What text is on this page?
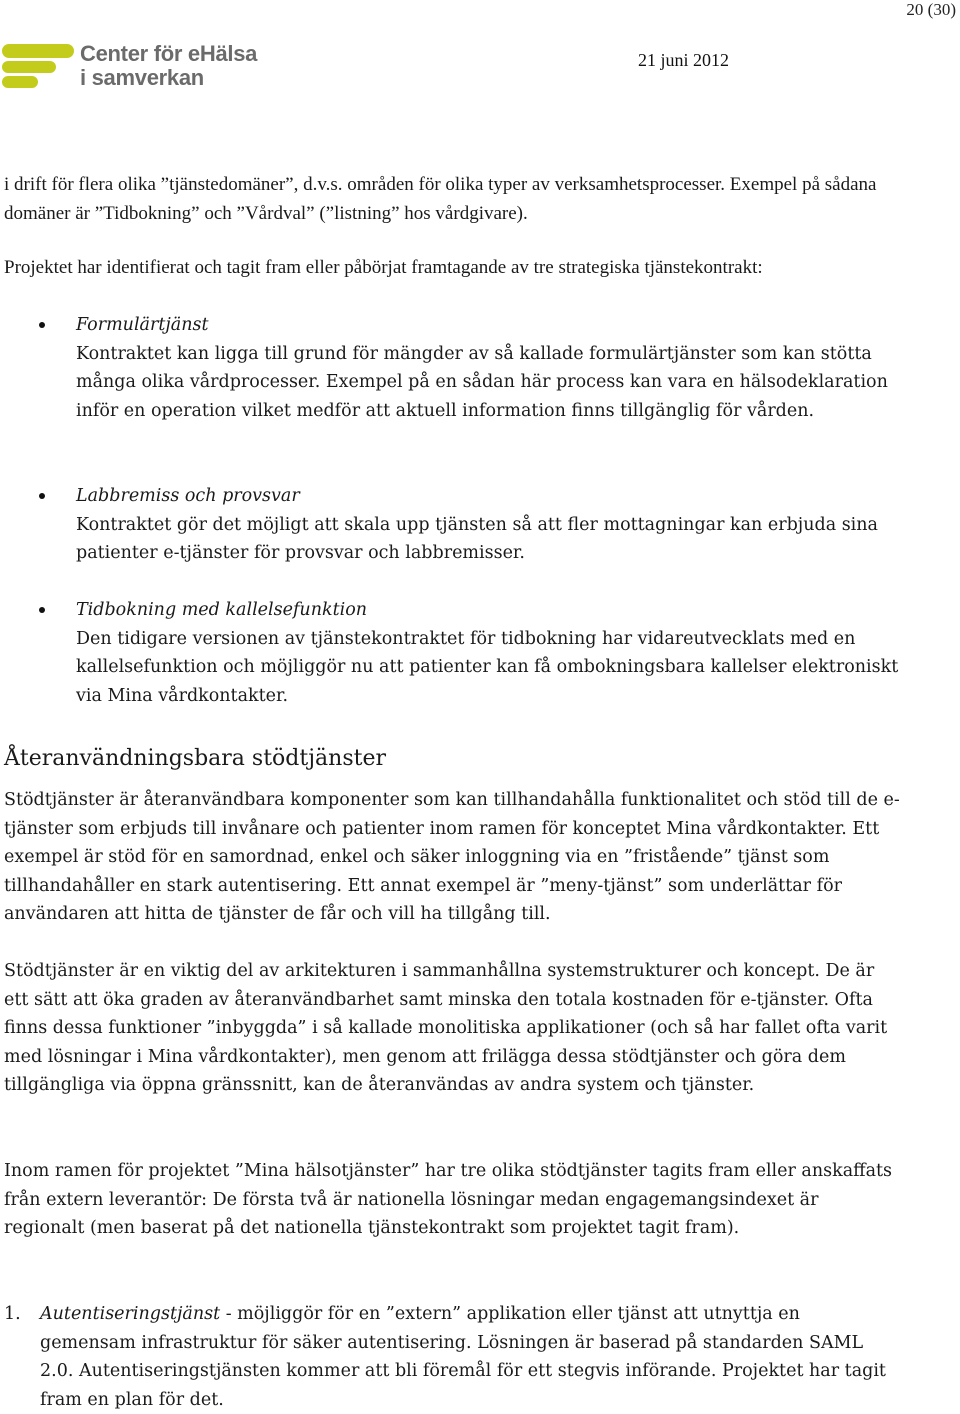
20 (30)
Center för eHälsa
i samverkan
21 juni 2012
i drift för flera olika ”tjänstedomäner”, d.v.s. områden för olika typer av verksamhetsprocesser. Exempel på sådana domäner är ”Tidbokning” och ”Vårdval” (”listning” hos vårdgivare).
Projektet har identifierat och tagit fram eller påbörjat framtagande av tre strategiska tjänstekontrakt:
Formulärtjänst
Kontraktet kan ligga till grund för mängder av så kallade formulärtjänster som kan stötta många olika vårdprocesser. Exempel på en sådan här process kan vara en hälsodeklaration inför en operation vilket medför att aktuell information finns tillgänglig för vården.
Labbremiss och provsvar
Kontraktet gör det möjligt att skala upp tjänsten så att fler mottagningar kan erbjuda sina patienter e-tjänster för provsvar och labbremisser.
Tidbokning med kallelsefunktion
Den tidigare versionen av tjänstekontraktet för tidbokning har vidareutvecklats med en kallelsefunktion och möjliggör nu att patienter kan få ombokningsbara kallelser elektroniskt via Mina vårdkontakter.
Återanvändningsbara stödtjänster
Stödtjänster är återanvändbara komponenter som kan tillhandahålla funktionalitet och stöd till de e-tjänster som erbjuds till invånare och patienter inom ramen för konceptet Mina vårdkontakter. Ett exempel är stöd för en samordnad, enkel och säker inloggning via en ”fristående” tjänst som tillhandahåller en stark autentisering. Ett annat exempel är ”meny-tjänst” som underlättar för användaren att hitta de tjänster de får och vill ha tillgång till.
Stödtjänster är en viktig del av arkitekturen i sammanhållna systemstrukturer och koncept. De är ett sätt att öka graden av återanvändbarhet samt minska den totala kostnaden för e-tjänster. Ofta finns dessa funktioner ”inbyggda” i så kallade monolitiska applikationer (och så har fallet ofta varit med lösningar i Mina vårdkontakter), men genom att frilägga dessa stödtjänster och göra dem tillgängliga via öppna gränssnitt, kan de återanvändas av andra system och tjänster.
Inom ramen för projektet ”Mina hälsotjänster” har tre olika stödtjänster tagits fram eller anskaffats från extern leverantör: De första två är nationella lösningar medan engagemangsindexet är regionalt (men baserat på det nationella tjänstekontrakt som projektet tagit fram).
1. Autentiseringstjänst - möjliggör för en ”extern” applikation eller tjänst att utnyttja en gemensam infrastruktur för säker autentisering. Lösningen är baserad på standarden SAML 2.0. Autentiseringstjänsten kommer att bli föremål för ett stegvis införande. Projektet har tagit fram en plan för det.
